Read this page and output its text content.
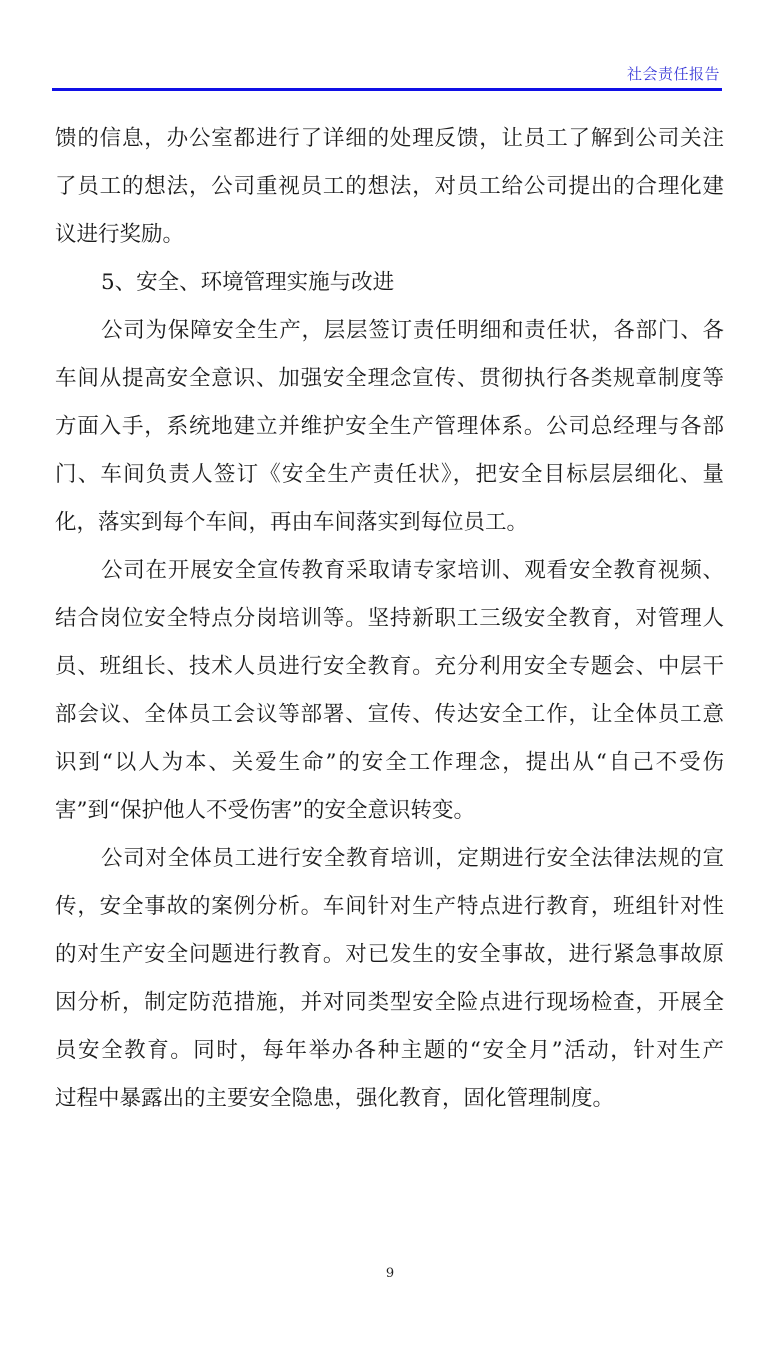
社会责任报告
馈的信息，办公室都进行了详细的处理反馈，让员工了解到公司关注
了员工的想法，公司重视员工的想法，对员工给公司提出的合理化建
议进行奖励。
5、安全、环境管理实施与改进
公司为保障安全生产，层层签订责任明细和责任状，各部门、各
车间从提高安全意识、加强安全理念宣传、贯彻执行各类规章制度等
方面入手，系统地建立并维护安全生产管理体系。公司总经理与各部
门、车间负责人签订《安全生产责任状》，把安全目标层层细化、量
化，落实到每个车间，再由车间落实到每位员工。
公司在开展安全宣传教育采取请专家培训、观看安全教育视频、
结合岗位安全特点分岗培训等。坚持新职工三级安全教育，对管理人
员、班组长、技术人员进行安全教育。充分利用安全专题会、中层干
部会议、全体员工会议等部署、宣传、传达安全工作，让全体员工意
识到“以人为本、关爱生命”的安全工作理念，提出从“自己不受伤
害”到“保护他人不受伤害”的安全意识转变。
公司对全体员工进行安全教育培训，定期进行安全法律法规的宣
传，安全事故的案例分析。车间针对生产特点进行教育，班组针对性
的对生产安全问题进行教育。对已发生的安全事故，进行紧急事故原
因分析，制定防范措施，并对同类型安全险点进行现场检查，开展全
员安全教育。同时，每年举办各种主题的“安全月”活动，针对生产
过程中暴露出的主要安全隐患，强化教育，固化管理制度。
9
